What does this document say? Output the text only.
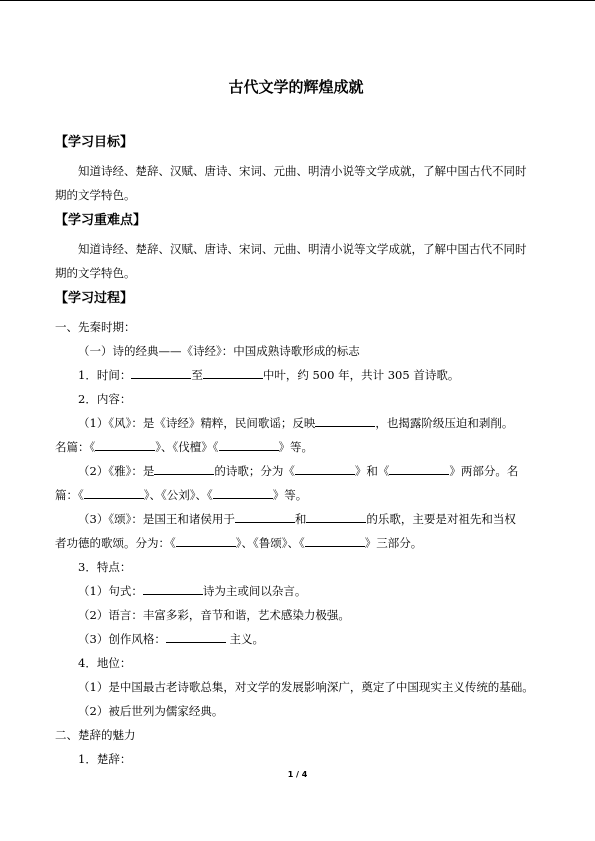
古代文学的辉煌成就
【学习目标】
知道诗经、楚辞、汉赋、唐诗、宋词、元曲、明清小说等文学成就，了解中国古代不同时期的文学特色。
【学习重难点】
知道诗经、楚辞、汉赋、唐诗、宋词、元曲、明清小说等文学成就，了解中国古代不同时期的文学特色。
【学习过程】
一、先秦时期：
（一）诗的经典——《诗经》：中国成熟诗歌形成的标志
1．时间：	至	中叶，约 500 年，共计 305 首诗歌。
2．内容：
（1）《风》：是《诗经》精粹，民间歌谣；反映	，也揭露阶级压迫和剥削。
名篇：《	》、《伐檀》《	》等。
（2）《雅》：是	的诗歌；分为《	》和《	》两部分。名
篇：《	》、《公刘》、《	》等。
（3）《颂》：是国王和诸侯用于	和	的乐歌，主要是对祖先和当权
者功德的歌颂。分为：《	》、《鲁颂》、《	》三部分。
3．特点：
（1）句式：	诗为主或间以杂言。
（2）语言：丰富多彩，音节和谐，艺术感染力极强。
（3）创作风格：	主义。
4．地位：
（1）是中国最古老诗歌总集，对文学的发展影响深广，奠定了中国现实主义传统的基础。
（2）被后世列为儒家经典。
二、楚辞的魅力
1．楚辞：
1 / 4
